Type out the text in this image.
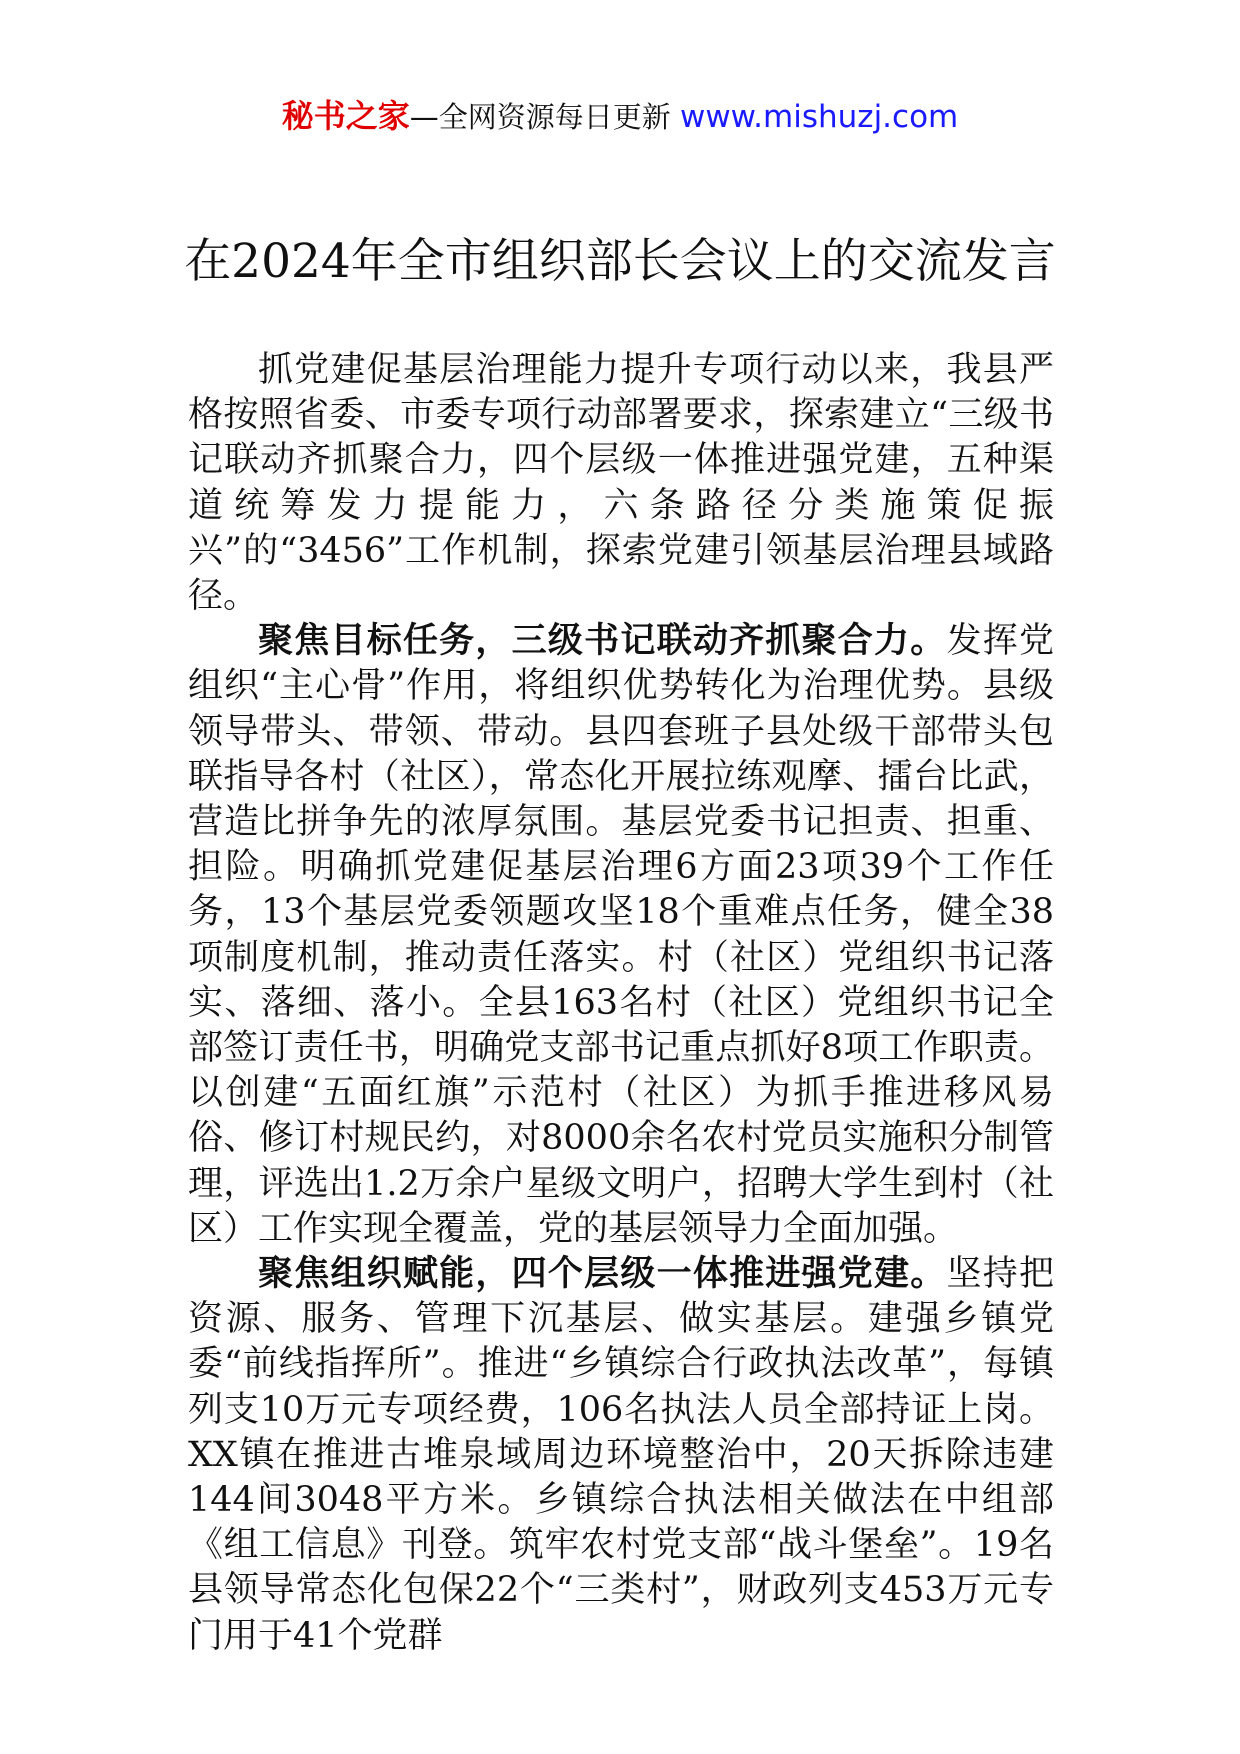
秘书之家—全网资源每日更新 www.mishuzj.com
在2024年全市组织部长会议上的交流发言

抓党建促基层治理能力提升专项行动以来，我县严格按照省委、市委专项行动部署要求，探索建立“三级书记联动齐抓聚合力，四个层级一体推进强党建，五种渠道统筹发力提能力，六条路径分类施策促振兴”的“3456”工作机制，探索党建引领基层治理县域路径。

聚焦目标任务，三级书记联动齐抓聚合力。发挥党组织“主心骨”作用，将组织优势转化为治理优势。县级领导带头、带领、带动。县四套班子县处级干部带头包联指导各村（社区），常态化开展拉练观摩、擂台比武，营造比拼争先的浓厚氛围。基层党委书记担责、担重、担险。明确抓党建促基层治理6方面23项39个工作任务，13个基层党委领题攻坚18个重难点任务，健全38项制度机制，推动责任落实。村（社区）党组织书记落实、落细、落小。全县163名村（社区）党组织书记全部签订责任书，明确党支部书记重点抓好8项工作职责。以创建“五面红旗”示范村（社区）为抓手推进移风易俗、修订村规民约，对8000余名农村党员实施积分制管理，评选出1.2万余户星级文明户，招聘大学生到村（社区）工作实现全覆盖，党的基层领导力全面加强。

聚焦组织赋能，四个层级一体推进强党建。坚持把资源、服务、管理下沉基层、做实基层。建强乡镇党委“前线指挥所”。推进“乡镇综合行政执法改革”，每镇列支10万元专项经费，106名执法人员全部持证上岗。XX镇在推进古堆泉域周边环境整治中，20天拆除违建144间3048平方米。乡镇综合执法相关做法在中组部《组工信息》刊登。筑牢农村党支部“战斗堡垒”。19名县领导常态化包保22个“三类村”，财政列支453万元专门用于41个党群
